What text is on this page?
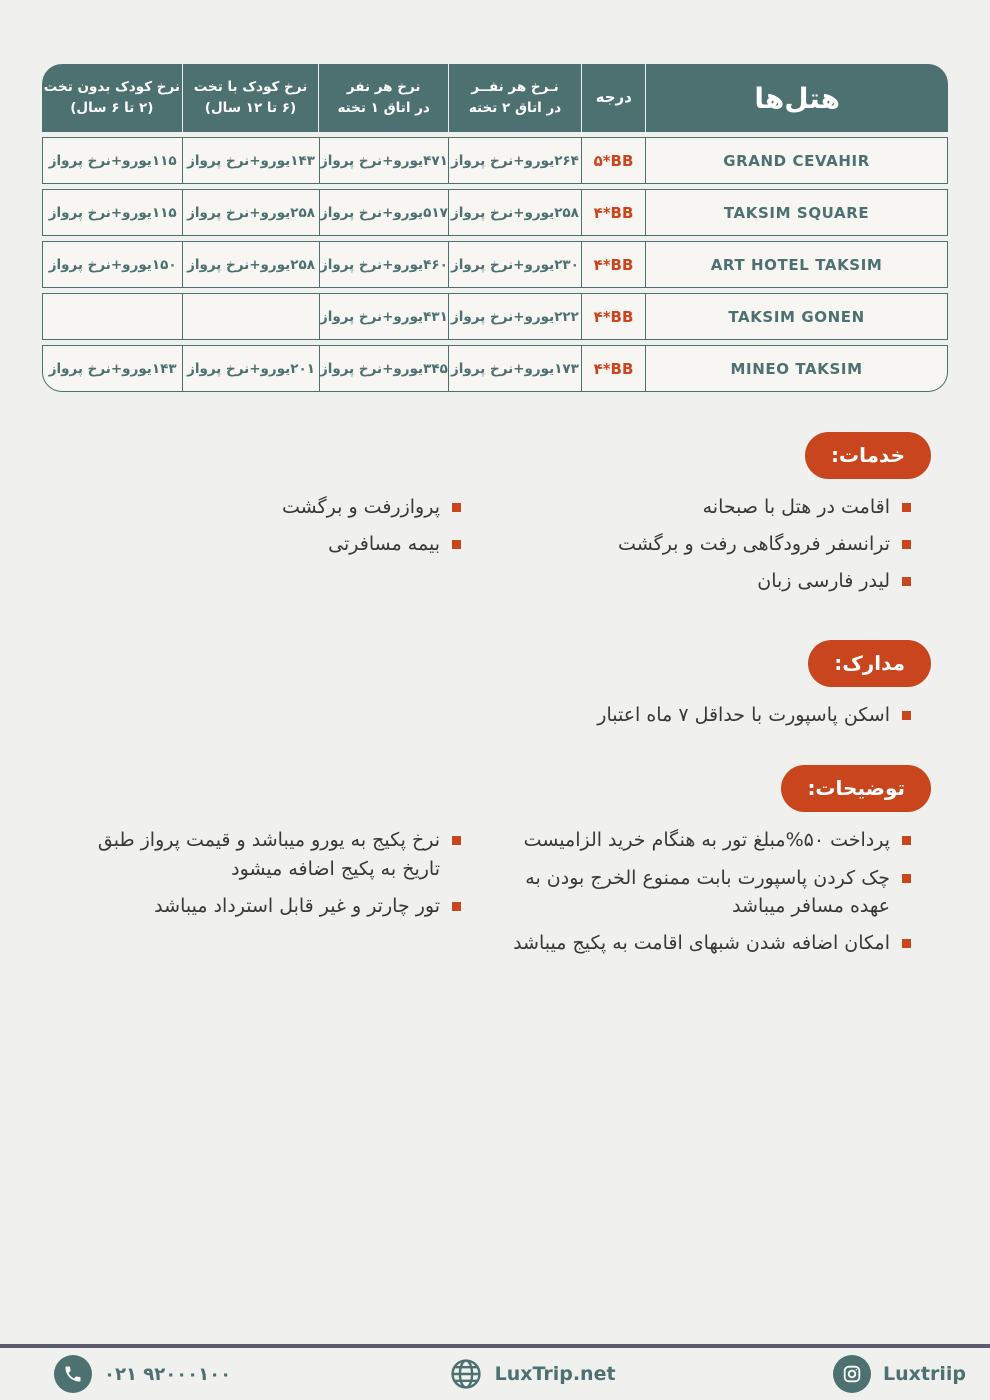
هتل‌ها
درجه
نـرخ هر نفــر
در اتاق ۲ تخته
نرخ هر نفر
در اتاق ۱ تخته
نرخ کودک با تخت
(۶ تا ۱۲ سال)
نرخ کودک بدون تخت
(۲ تا ۶ سال)
GRAND CEVAHIR
۵*BB
۲۶۴یورو+نرخ پرواز
۴۷۱یورو+نرخ پرواز
۱۴۳یورو+نرخ پرواز
۱۱۵یورو+نرخ پرواز
TAKSIM SQUARE
۴*BB
۲۵۸یورو+نرخ پرواز
۵۱۷یورو+نرخ پرواز
۲۵۸یورو+نرخ پرواز
۱۱۵یورو+نرخ پرواز
ART HOTEL TAKSIM
۴*BB
۲۳۰یورو+نرخ پرواز
۴۶۰یورو+نرخ پرواز
۲۵۸یورو+نرخ پرواز
۱۵۰یورو+نرخ پرواز
TAKSIM GONEN
۴*BB
۲۲۲یورو+نرخ پرواز
۴۳۱یورو+نرخ پرواز
MINEO TAKSIM
۴*BB
۱۷۳یورو+نرخ پرواز
۳۴۵یورو+نرخ پرواز
۲۰۱یورو+نرخ پرواز
۱۴۳یورو+نرخ پرواز
خدمات:
اقامت در هتل با صبحانه
ترانسفر فرودگاهی رفت و برگشت
لیدر فارسی زبان
پروازرفت و برگشت
بیمه مسافرتی
مدارک:
اسکن پاسپورت با حداقل ۷ ماه اعتبار
توضیحات:
پرداخت ۵۰%مبلغ تور به هنگام خرید الزامیست
چک کردن پاسپورت بابت ممنوع الخرج بودن به عهده مسافر میباشد
امکان اضافه شدن شبهای اقامت به پکیج میباشد
نرخ پکیج به یورو میباشد و قیمت پرواز طبق تاریخ به پکیج اضافه میشود
تور چارتر و غیر قابل استرداد میباشد
۰۲۱ ۹۲۰۰۰۱۰۰	LuxTrip.net	Luxtriip
